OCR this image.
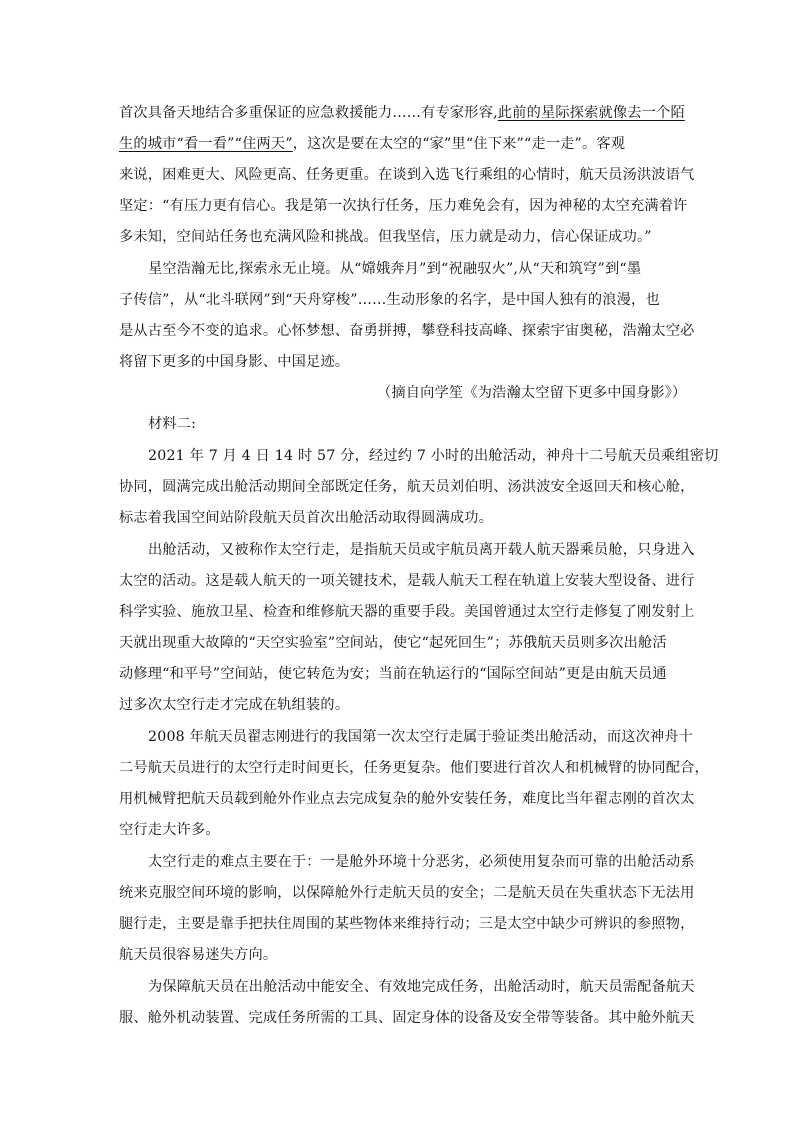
首次具备天地结合多重保证的应急救援能力……有专家形容,此前的星际探索就像去一个陌
生的城市“看一看”“住两天”，这次是要在太空的“家”里“住下来”“走一走”。客观
来说，困难更大、风险更高、任务更重。在谈到入选飞行乘组的心情时，航天员汤洪波语气
坚定：“有压力更有信心。我是第一次执行任务，压力难免会有，因为神秘的太空充满着许
多未知，空间站任务也充满风险和挑战。但我坚信，压力就是动力，信心保证成功。”
星空浩瀚无比,探索永无止境。从“嫦娥奔月”到“祝融驭火”,从“天和筑穹”到“墨
子传信”，从“北斗联网”到“天舟穿梭”……生动形象的名字，是中国人独有的浪漫，也
是从古至今不变的追求。心怀梦想、奋勇拼搏，攀登科技高峰、探索宇宙奥秘，浩瀚太空必
将留下更多的中国身影、中国足迹。
（摘自向学笙《为浩瀚太空留下更多中国身影》）
材料二:
2021 年 7 月 4 日 14 时 57 分，经过约 7 小时的出舱活动，神舟十二号航天员乘组密切
协同，圆满完成出舱活动期间全部既定任务，航天员刘伯明、汤洪波安全返回天和核心舱，
标志着我国空间站阶段航天员首次出舱活动取得圆满成功。
出舱活动，又被称作太空行走，是指航天员或宇航员离开载人航天器乘员舱，只身进入
太空的活动。这是载人航天的一项关键技术，是载人航天工程在轨道上安装大型设备、进行
科学实验、施放卫星、检查和维修航天器的重要手段。美国曾通过太空行走修复了刚发射上
天就出现重大故障的“天空实验室”空间站，使它“起死回生”；苏俄航天员则多次出舱活
动修理“和平号”空间站，使它转危为安；当前在轨运行的“国际空间站”更是由航天员通
过多次太空行走才完成在轨组装的。
2008 年航天员翟志刚进行的我国第一次太空行走属于验证类出舱活动，而这次神舟十
二号航天员进行的太空行走时间更长，任务更复杂。他们要进行首次人和机械臂的协同配合，
用机械臂把航天员载到舱外作业点去完成复杂的舱外安装任务，难度比当年翟志刚的首次太
空行走大许多。
太空行走的难点主要在于：一是舱外环境十分恶劣，必须使用复杂而可靠的出舱活动系
统来克服空间环境的影响，以保障舱外行走航天员的安全；二是航天员在失重状态下无法用
腿行走，主要是靠手把扶住周围的某些物体来维持行动；三是太空中缺少可辨识的参照物，
航天员很容易迷失方向。
为保障航天员在出舱活动中能安全、有效地完成任务，出舱活动时，航天员需配备航天
服、舱外机动装置、完成任务所需的工具、固定身体的设备及安全带等装备。其中舱外航天
